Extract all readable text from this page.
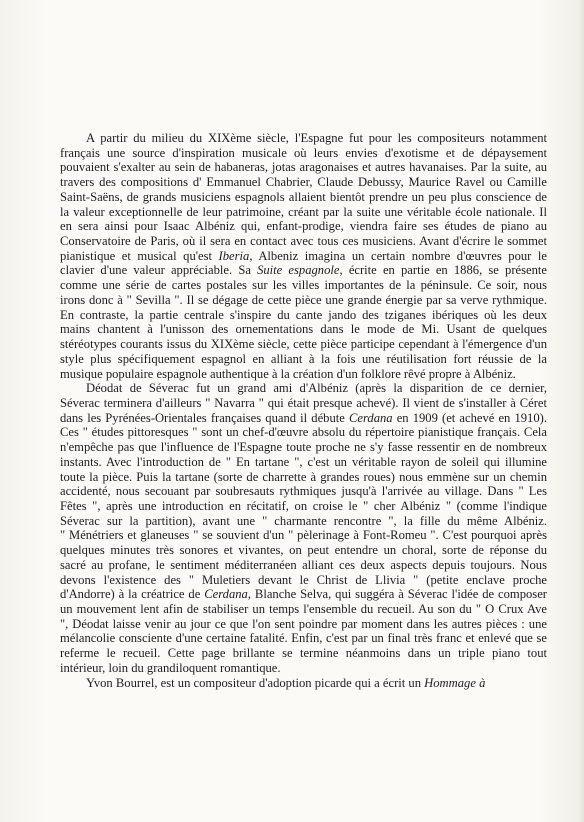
A partir du milieu du XIXème siècle, l'Espagne fut pour les compositeurs notamment
français une source d'inspiration musicale où leurs envies d'exotisme et de dépaysement
pouvaient s'exalter au sein de habaneras, jotas aragonaises et autres havanaises. Par la suite, au
travers des compositions d' Emmanuel Chabrier, Claude Debussy, Maurice Ravel ou Camille
Saint-Saëns, de grands musiciens espagnols allaient bientôt prendre un peu plus conscience de
la valeur exceptionnelle de leur patrimoine, créant par la suite une véritable école nationale. Il
en sera ainsi pour Isaac Albéniz qui, enfant-prodige, viendra faire ses études de piano au
Conservatoire de Paris, où il sera en contact avec tous ces musiciens. Avant d'écrire le sommet
pianistique et musical qu'est Iberia, Albeniz imagina un certain nombre d'œuvres pour le
clavier d'une valeur appréciable. Sa Suite espagnole, écrite en partie en 1886, se présente
comme une série de cartes postales sur les villes importantes de la péninsule. Ce soir, nous
irons donc à " Sevilla ". Il se dégage de cette pièce une grande énergie par sa verve rythmique.
En contraste, la partie centrale s'inspire du cante jando des tziganes ibériques où les deux
mains chantent à l'unisson des ornementations dans le mode de Mi. Usant de quelques
stéréotypes courants issus du XIXème siècle, cette pièce participe cependant à l'émergence d'un
style plus spécifiquement espagnol en alliant à la fois une réutilisation fort réussie de la
musique populaire espagnole authentique à la création d'un folklore rêvé propre à Albéniz.
Déodat de Séverac fut un grand ami d'Albéniz (après la disparition de ce dernier,
Séverac terminera d'ailleurs " Navarra " qui était presque achevé). Il vient de s'installer à Céret
dans les Pyrénées-Orientales françaises quand il débute Cerdana en 1909 (et achevé en 1910).
Ces " études pittoresques " sont un chef-d'œuvre absolu du répertoire pianistique français. Cela
n'empêche pas que l'influence de l'Espagne toute proche ne s'y fasse ressentir en de nombreux
instants. Avec l'introduction de " En tartane ", c'est un véritable rayon de soleil qui illumine
toute la pièce. Puis la tartane (sorte de charrette à grandes roues) nous emmène sur un chemin
accidenté, nous secouant par soubresauts rythmiques jusqu'à l'arrivée au village. Dans " Les
Fêtes ", après une introduction en récitatif, on croise le " cher Albéniz " (comme l'indique
Séverac sur la partition), avant une " charmante rencontre ", la fille du même Albéniz.
" Ménétriers et glaneuses " se souvient d'un " pèlerinage à Font-Romeu ". C'est pourquoi après
quelques minutes très sonores et vivantes, on peut entendre un choral, sorte de réponse du
sacré au profane, le sentiment méditerranéen alliant ces deux aspects depuis toujours. Nous
devons l'existence des " Muletiers devant le Christ de Llivia " (petite enclave proche
d'Andorre) à la créatrice de Cerdana, Blanche Selva, qui suggéra à Séverac l'idée de composer
un mouvement lent afin de stabiliser un temps l'ensemble du recueil. Au son du " O Crux Ave
", Déodat laisse venir au jour ce que l'on sent poindre par moment dans les autres pièces : une
mélancolie consciente d'une certaine fatalité. Enfin, c'est par un final très franc et enlevé que se
referme le recueil. Cette page brillante se termine néanmoins dans un triple piano tout
intérieur, loin du grandiloquent romantique.
Yvon Bourrel, est un compositeur d'adoption picarde qui a écrit un Hommage à
